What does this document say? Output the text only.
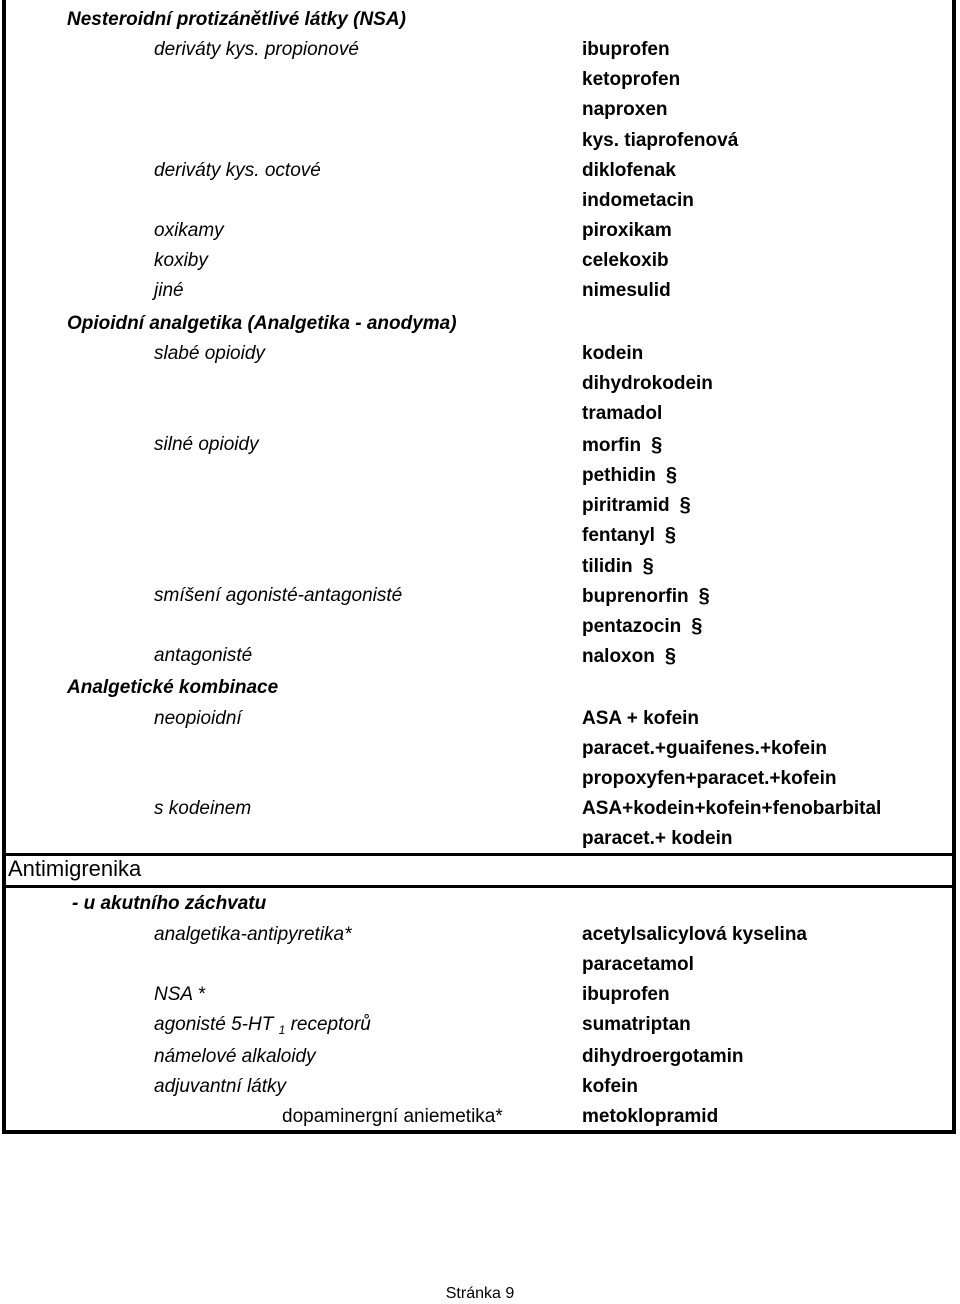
Nesteroidní protizánětlivé látky (NSA)
deriváty kys. propionové	ibuprofen
ketoprofen
naproxen
kys. tiaprofenová
deriváty kys. octové	diklofenak
indometacin
oxikamy	piroxikam
koxiby	celekoxib
jiné	nimesulid
Opioidní analgetika (Analgetika - anodyma)
slabé opioidy	kodein
dihydrokodein
tramadol
silné opioidy	morfin §
pethidin §
piritramid §
fentanyl §
tilidin §
smíšení agonisté-antagonisté	buprenorfin §
pentazocin §
antagonisté	naloxon §
Analgetické kombinace
neopioidní	ASA + kofein
paracet.+guaifenes.+kofein
propoxyfen+paracet.+kofein
s kodeinem	ASA+kodein+kofein+fenobarbital
paracet.+ kodein
Antimigrenika
- u akutního záchvatu
analgetika-antipyretika*	acetylsalicylová kyselina
paracetamol
NSA *	ibuprofen
agonisté 5-HT $_1$ receptorů	sumatriptan
námelové alkaloidy	dihydroergotamin
adjuvantní látky	kofein
dopaminergní aniemetika*	metoklopramid
Stránka 9
